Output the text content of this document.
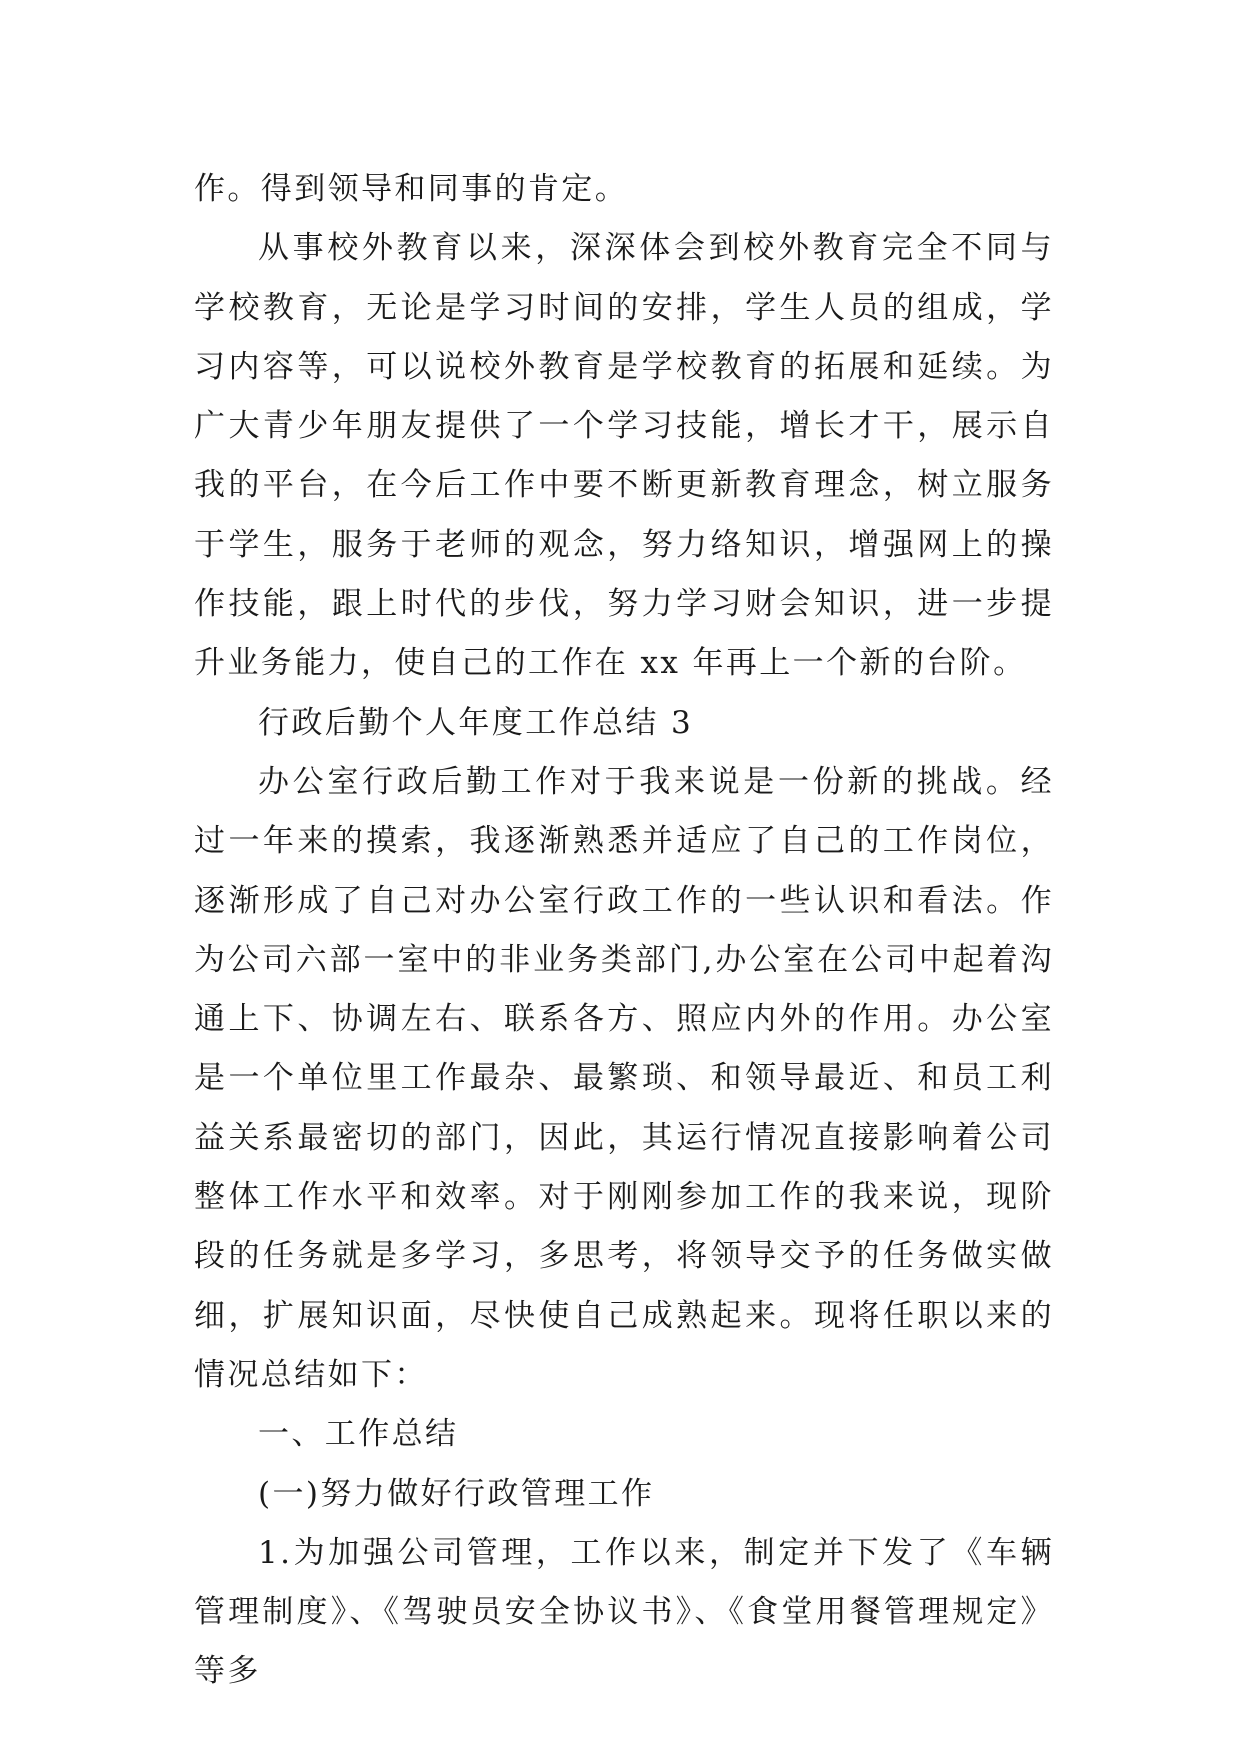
作。得到领导和同事的肯定。

从事校外教育以来，深深体会到校外教育完全不同与学校教育，无论是学习时间的安排，学生人员的组成，学习内容等，可以说校外教育是学校教育的拓展和延续。为广大青少年朋友提供了一个学习技能，增长才干，展示自我的平台，在今后工作中要不断更新教育理念，树立服务于学生，服务于老师的观念，努力络知识，增强网上的操作技能，跟上时代的步伐，努力学习财会知识，进一步提升业务能力，使自己的工作在 xx 年再上一个新的台阶。

行政后勤个人年度工作总结 3

办公室行政后勤工作对于我来说是一份新的挑战。经过一年来的摸索，我逐渐熟悉并适应了自己的工作岗位，逐渐形成了自己对办公室行政工作的一些认识和看法。作为公司六部一室中的非业务类部门,办公室在公司中起着沟通上下、协调左右、联系各方、照应内外的作用。办公室是一个单位里工作最杂、最繁琐、和领导最近、和员工利益关系最密切的部门，因此，其运行情况直接影响着公司整体工作水平和效率。对于刚刚参加工作的我来说，现阶段的任务就是多学习，多思考，将领导交予的任务做实做细，扩展知识面，尽快使自己成熟起来。现将任职以来的情况总结如下：

一、工作总结

(一)努力做好行政管理工作

1.为加强公司管理，工作以来，制定并下发了《车辆管理制度》、《驾驶员安全协议书》、《食堂用餐管理规定》等多
